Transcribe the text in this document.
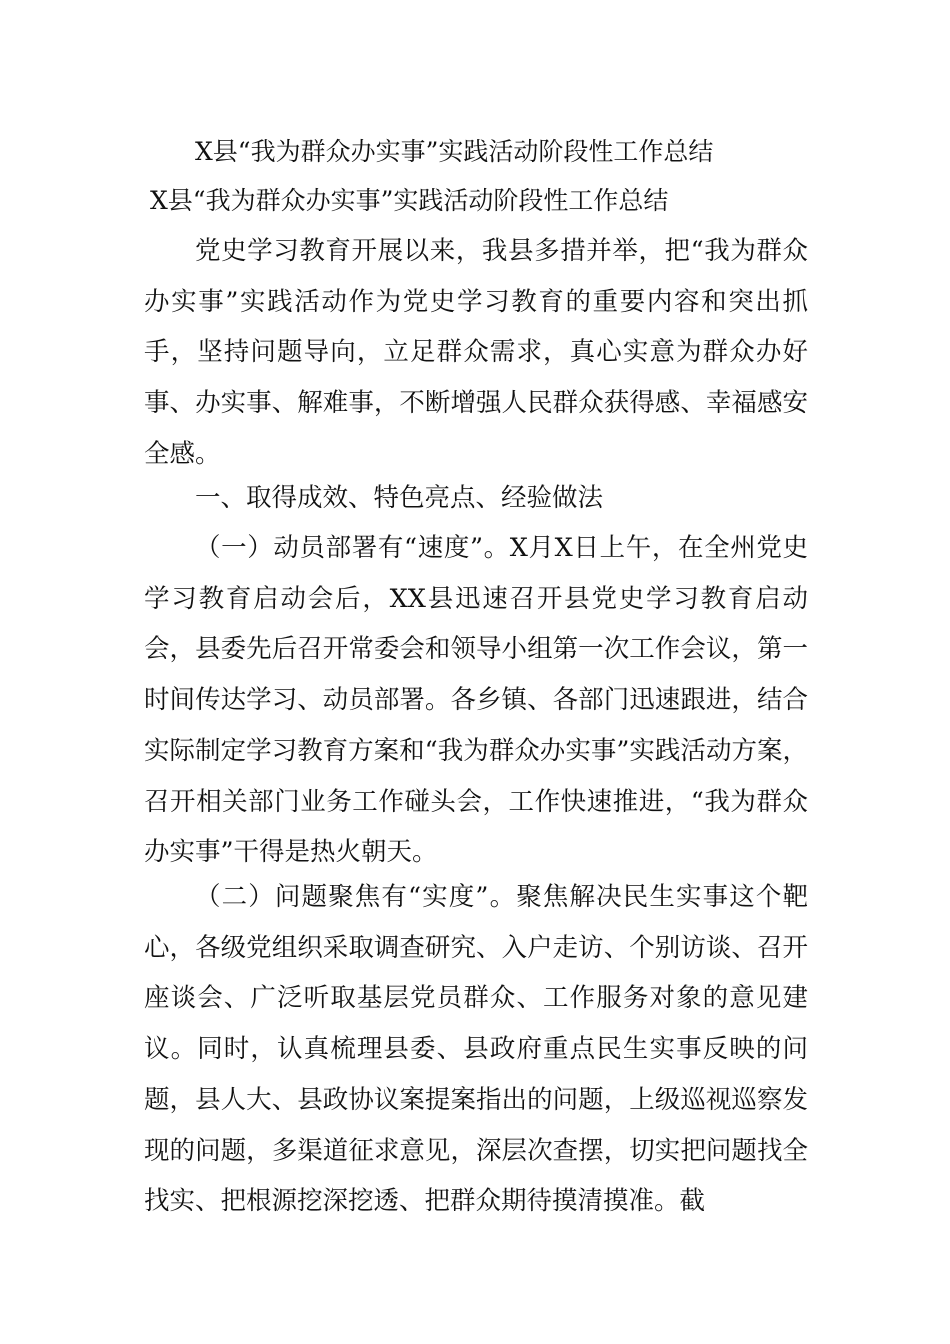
X县“我为群众办实事”实践活动阶段性工作总结
X县“我为群众办实事”实践活动阶段性工作总结

党史学习教育开展以来，我县多措并举，把“我为群众办实事”实践活动作为党史学习教育的重要内容和突出抓手，坚持问题导向，立足群众需求，真心实意为群众办好事、办实事、解难事，不断增强人民群众获得感、幸福感安全感。

一、取得成效、特色亮点、经验做法

（一）动员部署有“速度”。X月X日上午，在全州党史学习教育启动会后，XX县迅速召开县党史学习教育启动会，县委先后召开常委会和领导小组第一次工作会议，第一时间传达学习、动员部署。各乡镇、各部门迅速跟进，结合实际制定学习教育方案和“我为群众办实事”实践活动方案，召开相关部门业务工作碰头会，工作快速推进，“我为群众办实事”干得是热火朝天。

（二）问题聚焦有“实度”。聚焦解决民生实事这个靶心，各级党组织采取调查研究、入户走访、个别访谈、召开座谈会、广泛听取基层党员群众、工作服务对象的意见建议。同时，认真梳理县委、县政府重点民生实事反映的问题，县人大、县政协议案提案指出的问题，上级巡视巡察发现的问题，多渠道征求意见，深层次查摆，切实把问题找全找实、把根源挖深挖透、把群众期待摸清摸准。截
